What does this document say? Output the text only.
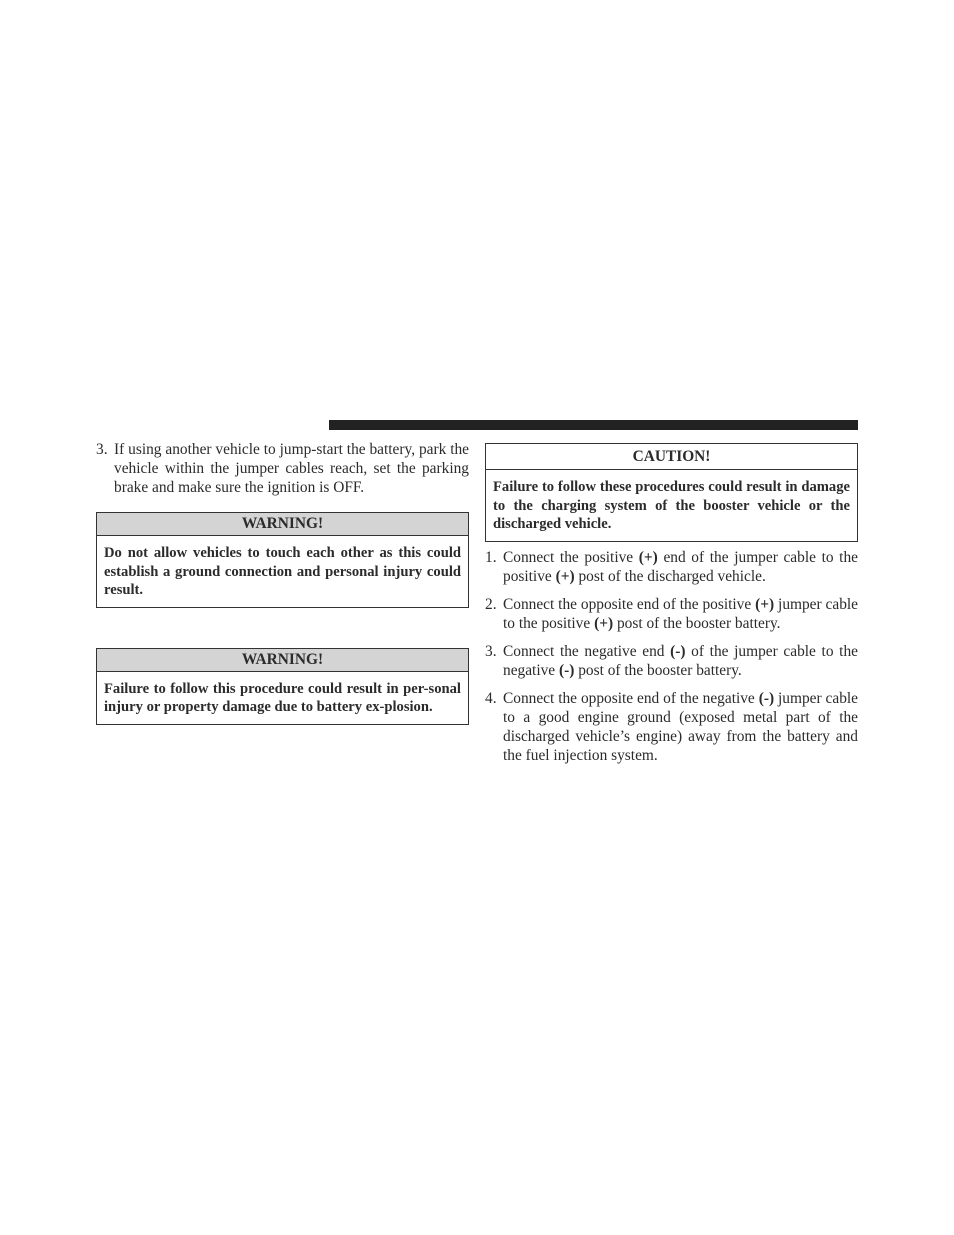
3. If using another vehicle to jump-start the battery, park the vehicle within the jumper cables reach, set the parking brake and make sure the ignition is OFF.
WARNING!
Do not allow vehicles to touch each other as this could establish a ground connection and personal injury could result.
WARNING!
Failure to follow this procedure could result in per-sonal injury or property damage due to battery ex-plosion.
CAUTION!
Failure to follow these procedures could result in damage to the charging system of the booster vehicle or the discharged vehicle.
1. Connect the positive (+) end of the jumper cable to the positive (+) post of the discharged vehicle.
2. Connect the opposite end of the positive (+) jumper cable to the positive (+) post of the booster battery.
3. Connect the negative end (-) of the jumper cable to the negative (-) post of the booster battery.
4. Connect the opposite end of the negative (-) jumper cable to a good engine ground (exposed metal part of the discharged vehicle’s engine) away from the battery and the fuel injection system.
